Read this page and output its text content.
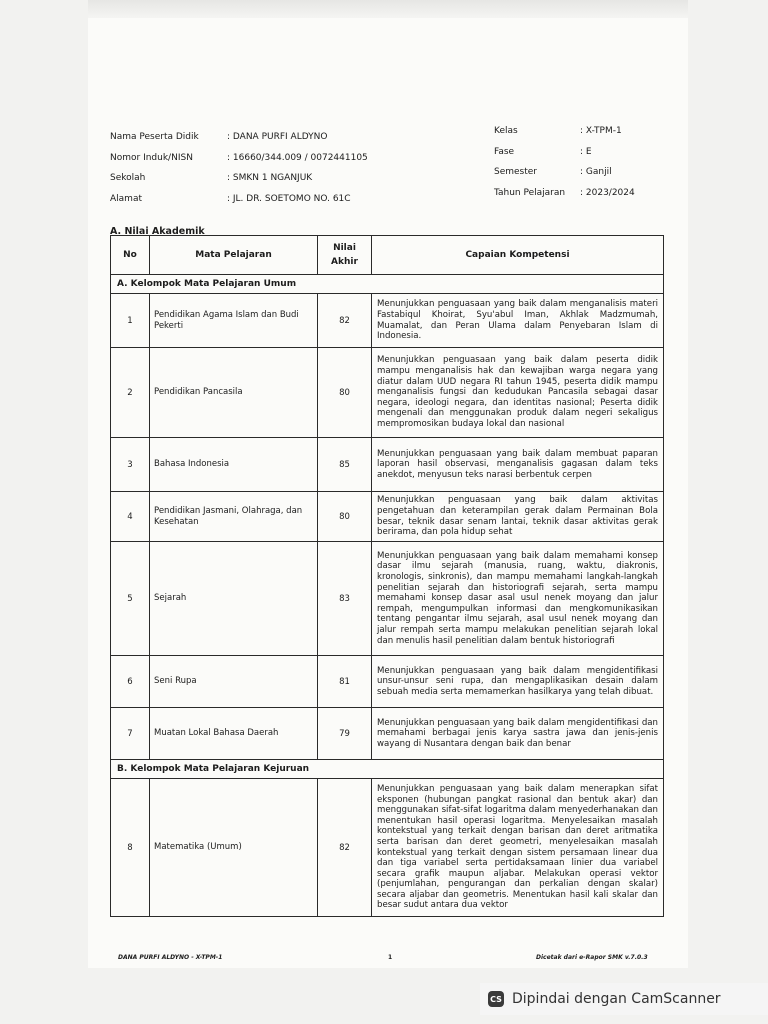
Nama Peserta Didik	: DANA PURFI ALDYNO
Nomor Induk/NISN	: 16660/344.009 / 0072441105
Sekolah	: SMKN 1 NGANJUK
Alamat	: JL. DR. SOETOMO NO. 61C
Kelas	: X-TPM-1
Fase	: E
Semester	: Ganjil
Tahun Pelajaran	: 2023/2024
A. Nilai Akademik
No	Mata Pelajaran	Nilai Akhir	Capaian Kompetensi
A. Kelompok Mata Pelajaran Umum			
1	Pendidikan Agama Islam dan Budi Pekerti	82	Menunjukkan penguasaan yang baik dalam menganalisis materi Fastabiqul Khoirat, Syu'abul Iman, Akhlak Madzmumah, Muamalat, dan Peran Ulama dalam Penyebaran Islam di Indonesia.
2	Pendidikan Pancasila	80	Menunjukkan penguasaan yang baik dalam peserta didik mampu menganalisis hak dan kewajiban warga negara yang diatur dalam UUD negara RI tahun 1945, peserta didik mampu menganalisis fungsi dan kedudukan Pancasila sebagai dasar negara, ideologi negara, dan identitas nasional; Peserta didik mengenali dan menggunakan produk dalam negeri sekaligus mempromosikan budaya lokal dan nasional
3	Bahasa Indonesia	85	Menunjukkan penguasaan yang baik dalam membuat paparan laporan hasil observasi, menganalisis gagasan dalam teks anekdot, menyusun teks narasi berbentuk cerpen
4	Pendidikan Jasmani, Olahraga, dan Kesehatan	80	Menunjukkan penguasaan yang baik dalam aktivitas pengetahuan dan keterampilan gerak dalam Permainan Bola besar, teknik dasar senam lantai, teknik dasar aktivitas gerak berirama, dan pola hidup sehat
5	Sejarah	83	Menunjukkan penguasaan yang baik dalam memahami konsep dasar ilmu sejarah (manusia, ruang, waktu, diakronis, kronologis, sinkronis), dan mampu memahami langkah-langkah penelitian sejarah dan historiografi sejarah, serta mampu memahami konsep dasar asal usul nenek moyang dan jalur rempah, mengumpulkan informasi dan mengkomunikasikan tentang pengantar ilmu sejarah, asal usul nenek moyang dan jalur rempah serta mampu melakukan penelitian sejarah lokal dan menulis hasil penelitian dalam bentuk historiografi
6	Seni Rupa	81	Menunjukkan penguasaan yang baik dalam mengidentifikasi unsur-unsur seni rupa, dan mengaplikasikan desain dalam sebuah media serta memamerkan hasilkarya yang telah dibuat.
7	Muatan Lokal Bahasa Daerah	79	Menunjukkan penguasaan yang baik dalam mengidentifikasi dan memahami berbagai jenis karya sastra jawa dan jenis-jenis wayang di Nusantara dengan baik dan benar
B. Kelompok Mata Pelajaran Kejuruan			
8	Matematika (Umum)	82	Menunjukkan penguasaan yang baik dalam menerapkan sifat eksponen (hubungan pangkat rasional dan bentuk akar) dan menggunakan sifat-sifat logaritma dalam menyederhanakan dan menentukan hasil operasi logaritma. Menyelesaikan masalah kontekstual yang terkait dengan barisan dan deret aritmatika serta barisan dan deret geometri, menyelesaikan masalah kontekstual yang terkait dengan sistem persamaan linear dua dan tiga variabel serta pertidaksamaan linier dua variabel secara grafik maupun aljabar. Melakukan operasi vektor (penjumlahan, pengurangan dan perkalian dengan skalar) secara aljabar dan geometris. Menentukan hasil kali skalar dan besar sudut antara dua vektor
DANA PURFI ALDYNO - X-TPM-1	1	Dicetak dari e-Rapor SMK v.7.0.3
CS Dipindai dengan CamScanner
